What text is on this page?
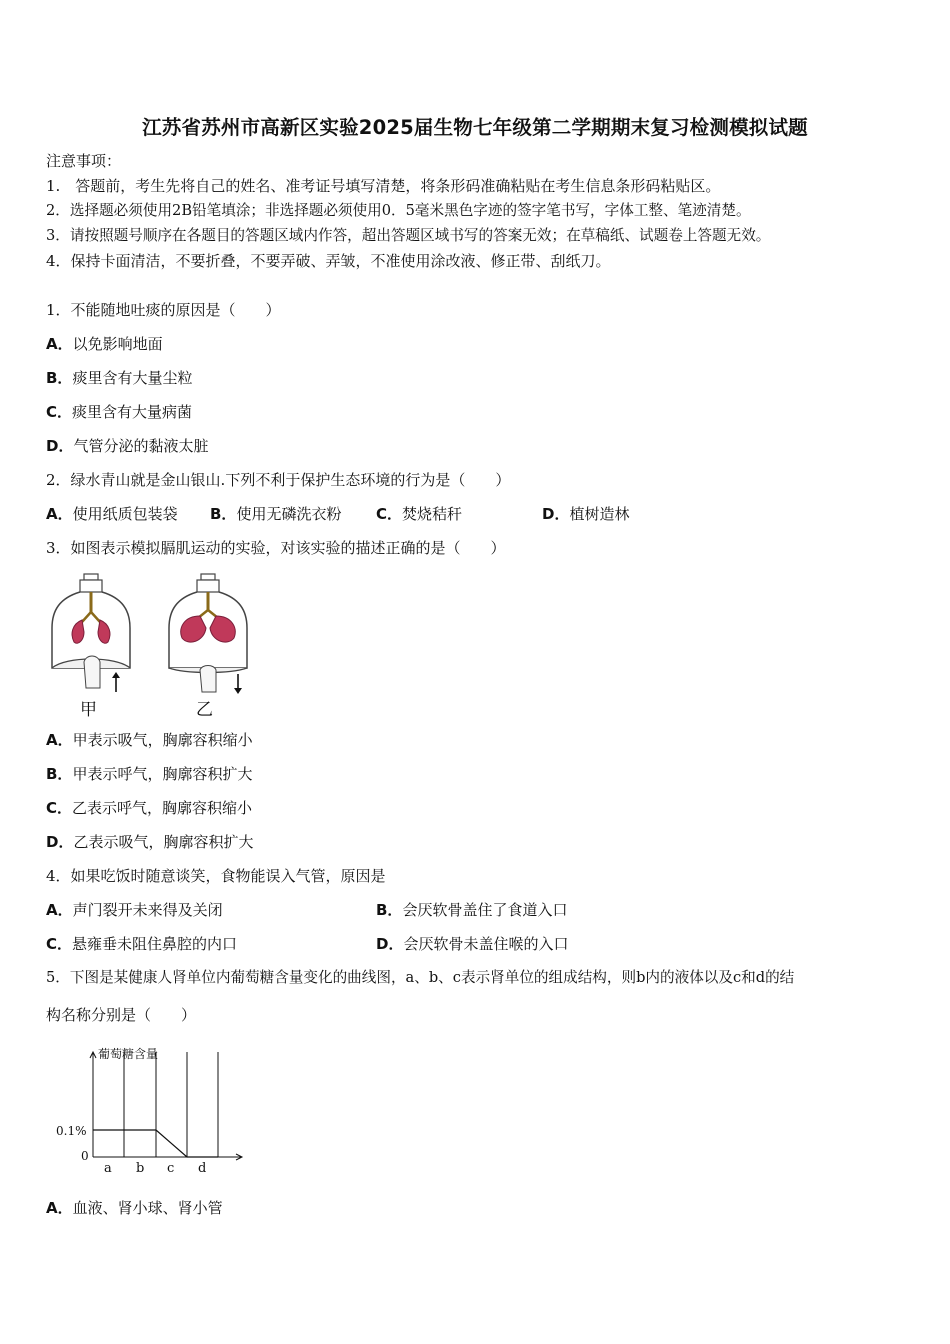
江苏省苏州市高新区实验2025届生物七年级第二学期期末复习检测模拟试题
注意事项：
1.　答题前，考生先将自己的姓名、准考证号填写清楚，将条形码准确粘贴在考生信息条形码粘贴区。
2．选择题必须使用2B铅笔填涂；非选择题必须使用0．5毫米黑色字迹的签字笔书写，字体工整、笔迹清楚。
3．请按照题号顺序在各题目的答题区域内作答，超出答题区域书写的答案无效；在草稿纸、试题卷上答题无效。
4．保持卡面清洁，不要折叠，不要弄破、弄皱，不准使用涂改液、修正带、刮纸刀。
1．不能随地吐痰的原因是（　　）
A．以免影响地面
B．痰里含有大量尘粒
C．痰里含有大量病菌
D．气管分泌的黏液太脏
2．绿水青山就是金山银山.下列不利于保护生态环境的行为是（　　）
A．使用纸质包装袋 B．使用无磷洗衣粉 C．焚烧秸秆	D．植树造林
3．如图表示模拟膈肌运动的实验，对该实验的描述正确的是（　　）
甲	乙
A．甲表示吸气，胸廓容积缩小
B．甲表示呼气，胸廓容积扩大
C．乙表示呼气，胸廓容积缩小
D．乙表示吸气，胸廓容积扩大
4．如果吃饭时随意谈笑，食物能误入气管，原因是
A．声门裂开未来得及关闭	B．会厌软骨盖住了食道入口
C．悬雍垂未阻住鼻腔的内口	D．会厌软骨未盖住喉的入口
5．下图是某健康人肾单位内葡萄糖含量变化的曲线图，a、b、c表示肾单位的组成结构，则b内的液体以及c和d的结
构名称分别是（　　）
葡萄糖含量
0.1%
0
a b c d
A．血液、肾小球、肾小管
